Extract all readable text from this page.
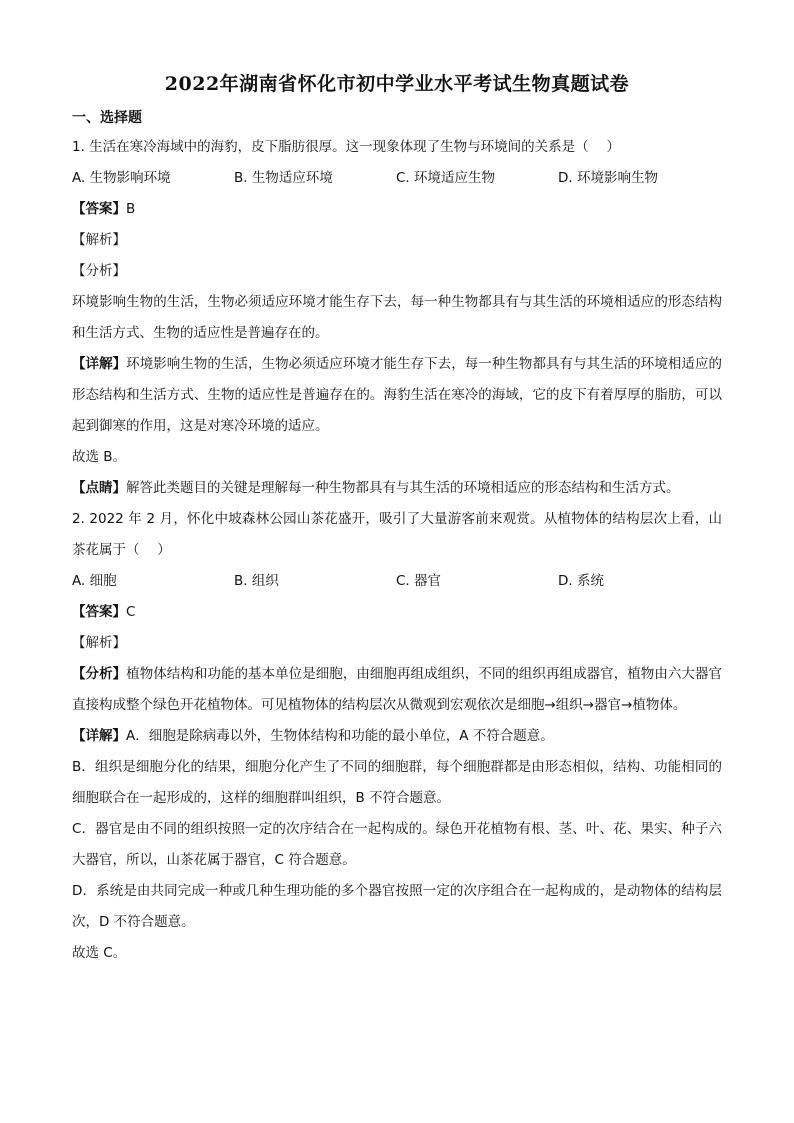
2022年湖南省怀化市初中学业水平考试生物真题试卷

一、选择题

1. 生活在寒冷海域中的海豹，皮下脂肪很厚。这一现象体现了生物与环境间的关系是（　 ）

A. 生物影响环境	B. 生物适应环境	C. 环境适应生物	D. 环境影响生物

【答案】B

【解析】

【分析】

环境影响生物的生活，生物必须适应环境才能生存下去，每一种生物都具有与其生活的环境相适应的形态结构和生活方式、生物的适应性是普遍存在的。

【详解】环境影响生物的生活，生物必须适应环境才能生存下去，每一种生物都具有与其生活的环境相适应的形态结构和生活方式、生物的适应性是普遍存在的。海豹生活在寒冷的海域，它的皮下有着厚厚的脂肪，可以起到御寒的作用，这是对寒冷环境的适应。

故选 B。

【点睛】解答此类题目的关键是理解每一种生物都具有与其生活的环境相适应的形态结构和生活方式。

2. 2022 年 2 月，怀化中坡森林公园山茶花盛开，吸引了大量游客前来观赏。从植物体的结构层次上看，山茶花属于（　 ）

A. 细胞	B. 组织	C. 器官	D. 系统

【答案】C

【解析】

【分析】植物体结构和功能的基本单位是细胞，由细胞再组成组织，不同的组织再组成器官，植物由六大器官直接构成整个绿色开花植物体。可见植物体的结构层次从微观到宏观依次是细胞→组织→器官→植物体。

【详解】A．细胞是除病毒以外，生物体结构和功能的最小单位，A 不符合题意。

B．组织是细胞分化的结果，细胞分化产生了不同的细胞群，每个细胞群都是由形态相似，结构、功能相同的细胞联合在一起形成的，这样的细胞群叫组织，B 不符合题意。

C．器官是由不同的组织按照一定的次序结合在一起构成的。绿色开花植物有根、茎、叶、花、果实、种子六大器官，所以，山茶花属于器官，C 符合题意。

D．系统是由共同完成一种或几种生理功能的多个器官按照一定的次序组合在一起构成的，是动物体的结构层次，D 不符合题意。

故选 C。
